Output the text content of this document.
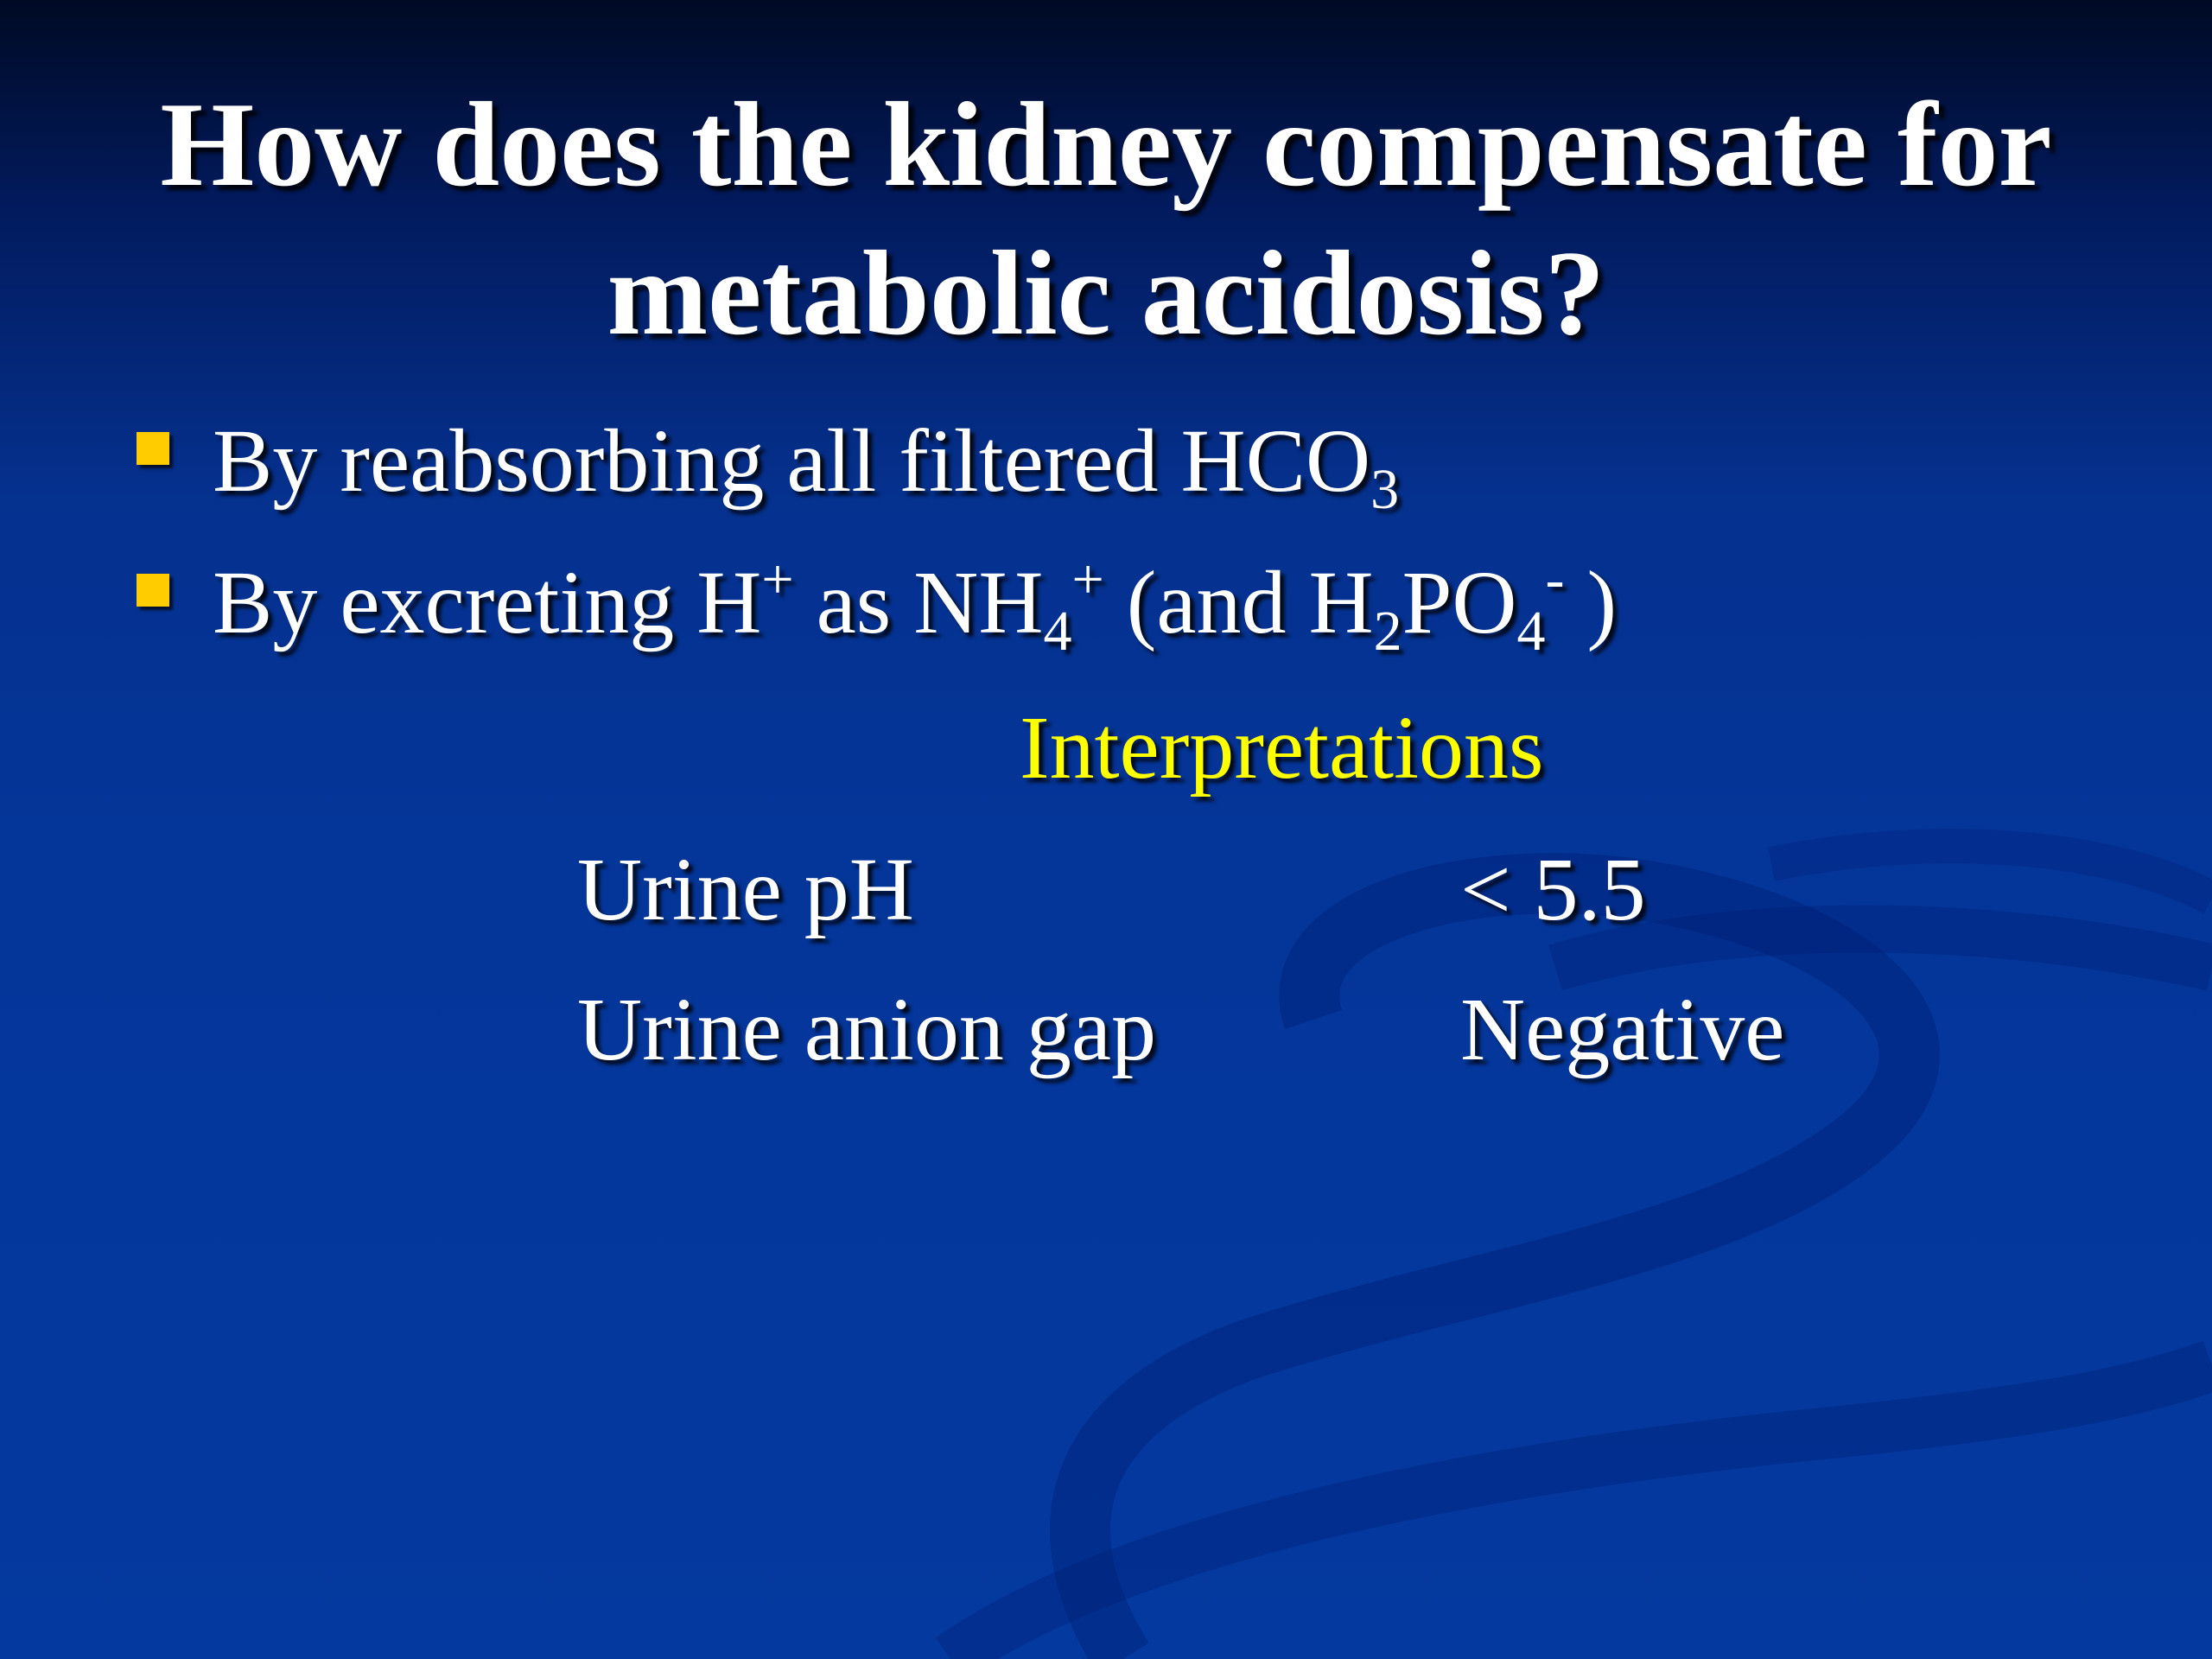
How does the kidney compensate for metabolic acidosis?
By reabsorbing all filtered $HCO_3$
By excreting H+ as $NH_4^+$ (and $H_2PO_4^-$ )
Interpretations
Urine pH	< 5.5
Urine anion gap	Negative
